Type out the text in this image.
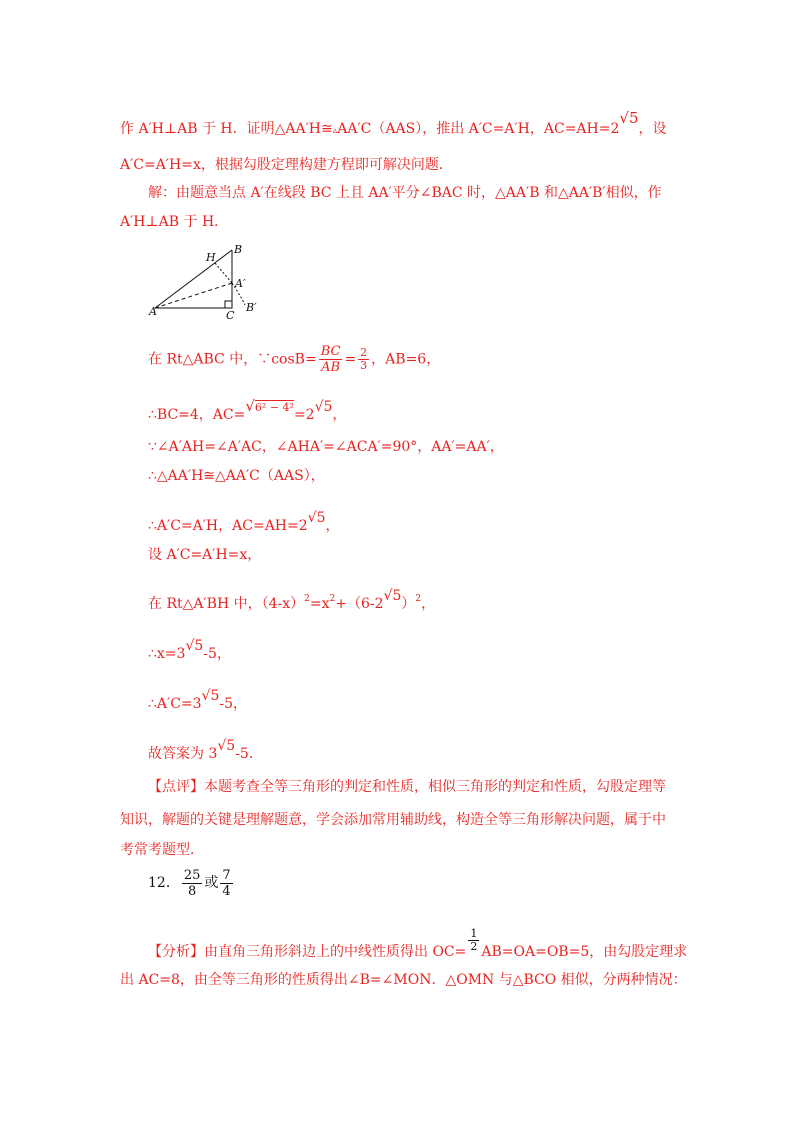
作 A′H⊥AB 于 H．证明△AA′H≅▵AA′C（AAS），推出 A′C=A′H，AC=AH=2√5，设
A′C=A′H=x，根据勾股定理构建方程即可解决问题．
解：由题意当点 A′在线段 BC 上且 AA′平分∠BAC 时，△AA′B 和△AA′B′相似，作
A′H⊥AB 于 H．
H
B
A′
A	C
B′
在 Rt△ABC 中，∵cosB= $\frac{BC}{AB} = \frac{2}{3}$ ，AB=6，
∴BC=4，AC=√6² − 4²=2√5，
∵∠A′AH=∠A′AC，∠AHA′=∠ACA′=90°，AA′=AA′，
∴△AA′H≅△AA′C（AAS），
∴A′C=A′H，AC=AH=2√5，
设 A′C=A′H=x，
在 Rt△A′BH 中，$(4-x)^2=x^2+(6-2√5)^2$，
∴x=3√5-5，
∴A′C=3√5-5，
故答案为 3√5-5．
【点评】本题考查全等三角形的判定和性质，相似三角形的判定和性质，勾股定理等
知识，解题的关键是理解题意，学会添加常用辅助线，构造全等三角形解决问题，属于中
考常考题型.
12． $\frac{25}{8}$ 或 $\frac{7}{4}$
【分析】由直角三角形斜边上的中线性质得出 $OC= \frac{1}{2} AB=OA=OB=5$，由勾股定理求
出 AC=8，由全等三角形的性质得出∠B=∠MON．△OMN 与△BCO 相似，分两种情况：
